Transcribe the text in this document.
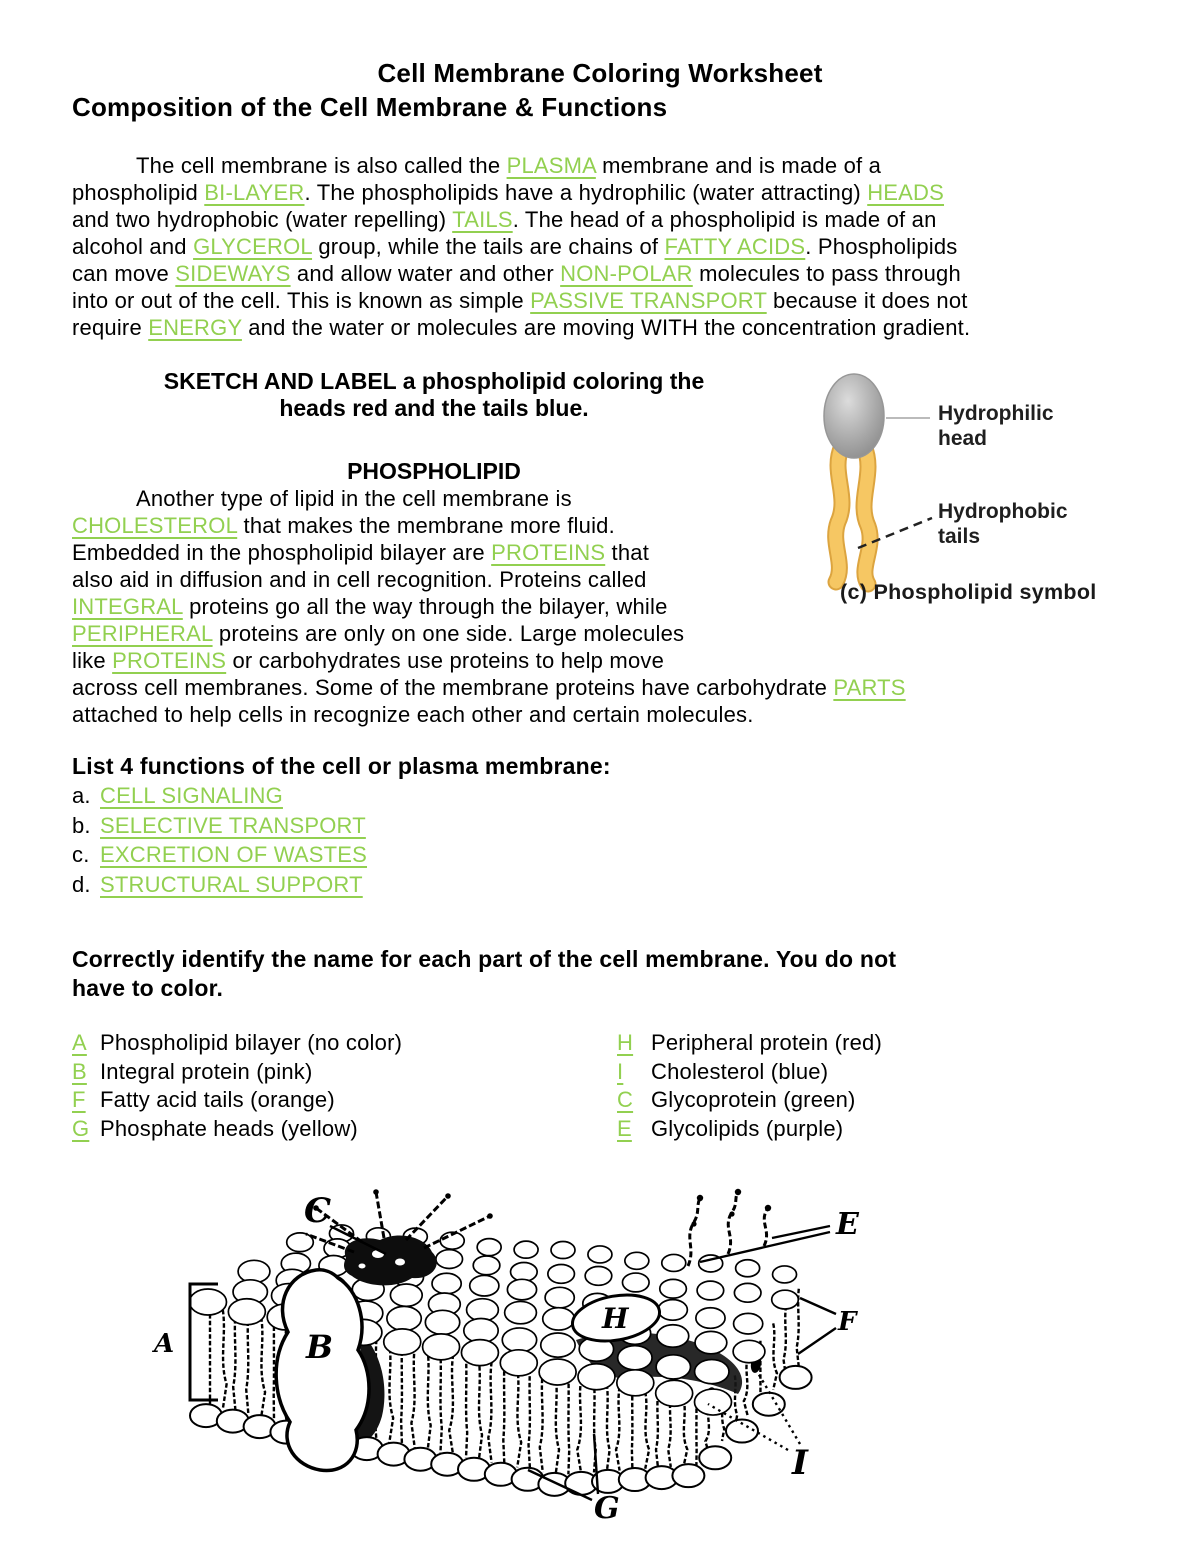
Cell Membrane Coloring Worksheet
Composition of the Cell Membrane & Functions
The cell membrane is also called the PLASMA membrane and is made of a
phospholipid BI-LAYER. The phospholipids have a hydrophilic (water attracting) HEADS
and two hydrophobic (water repelling) TAILS. The head of a phospholipid is made of an
alcohol and GLYCEROL group, while the tails are chains of FATTY ACIDS. Phospholipids
can move SIDEWAYS and allow water and other NON-POLAR molecules to pass through
into or out of the cell. This is known as simple PASSIVE TRANSPORT because it does not
require ENERGY and the water or molecules are moving WITH the concentration gradient.
SKETCH AND LABEL a phospholipid coloring the
heads red and the tails blue.
PHOSPHOLIPID
Another type of lipid in the cell membrane is
CHOLESTEROL that makes the membrane more fluid.
Embedded in the phospholipid bilayer are PROTEINS that
also aid in diffusion and in cell recognition. Proteins called
INTEGRAL proteins go all the way through the bilayer, while
PERIPHERAL proteins are only on one side. Large molecules
like PROTEINS or carbohydrates use proteins to help move
across cell membranes. Some of the membrane proteins have carbohydrate PARTS
attached to help cells in recognize each other and certain molecules.
Hydrophilic
head
Hydrophobic
tails
(c) Phospholipid symbol
List 4 functions of the cell or plasma membrane:
a. CELL SIGNALING
b. SELECTIVE TRANSPORT
c. EXCRETION OF WASTES
d. STRUCTURAL SUPPORT
Correctly identify the name for each part of the cell membrane. You do not
have to color.
A Phospholipid bilayer (no color)
B Integral protein (pink)
F Fatty acid tails (orange)
G Phosphate heads (yellow)
H Peripheral protein (red)
I Cholesterol (blue)
C Glycoprotein (green)
E Glycolipids (purple)
C	E
A	B
H	F
I
G
